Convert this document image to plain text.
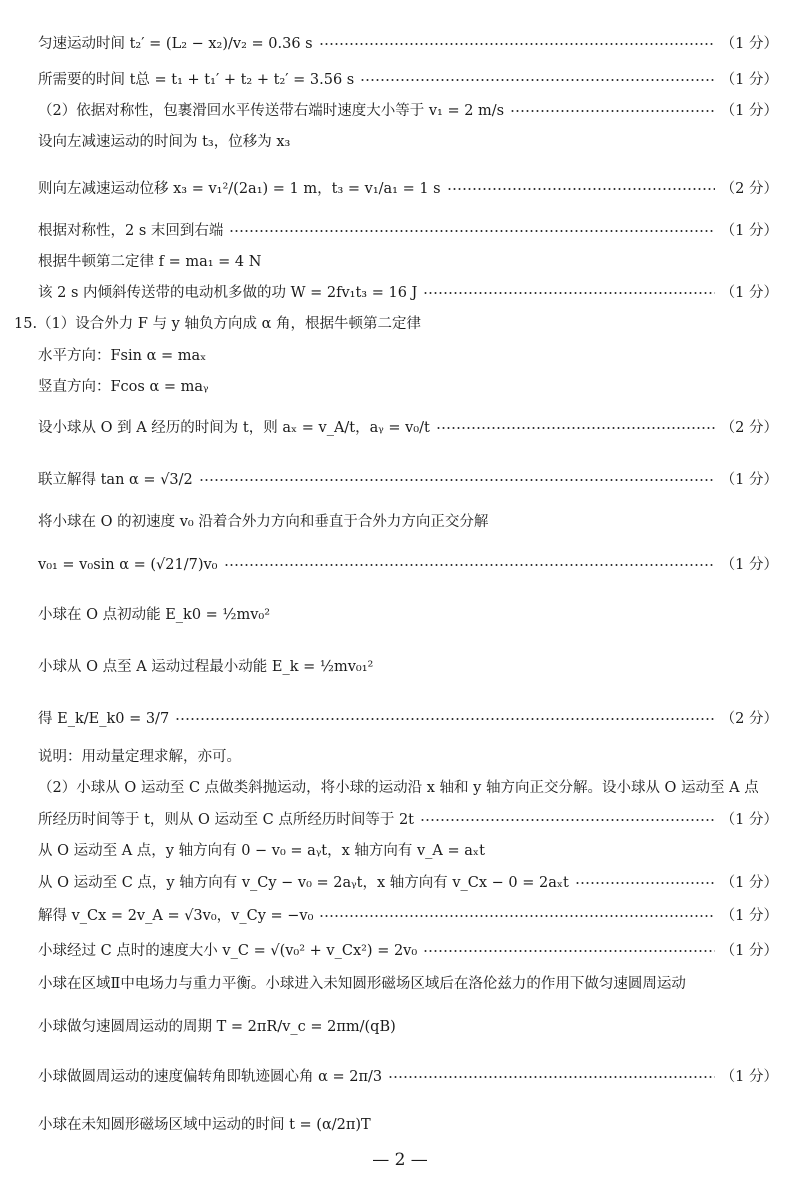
匀速运动时间 t₂′ = (L₂ − x₂)/v₂ = 0.36 s	（1 分）
所需要的时间 t总 = t₁ + t₁′ + t₂ + t₂′ = 3.56 s	（1 分）
（2）依据对称性，包裹滑回水平传送带右端时速度大小等于 v₁ = 2 m/s	（1 分）
设向左减速运动的时间为 t₃，位移为 x₃
则向左减速运动位移 x₃ = v₁²/(2a₁) = 1 m，t₃ = v₁/a₁ = 1 s	（2 分）
根据对称性，2 s 末回到右端	（1 分）
根据牛顿第二定律 f = ma₁ = 4 N
该 2 s 内倾斜传送带的电动机多做的功 W = 2fv₁t₃ = 16 J	（1 分）
15.（1）设合外力 F 与 y 轴负方向成 α 角，根据牛顿第二定律
水平方向：Fsin α = maₓ
竖直方向：Fcos α = maᵧ
设小球从 O 到 A 经历的时间为 t，则 aₓ = v_A/t，aᵧ = v₀/t	（2 分）
联立解得 tan α = √3/2	（1 分）
将小球在 O 的初速度 v₀ 沿着合外力方向和垂直于合外力方向正交分解
v₀₁ = v₀sin α = (√21/7)v₀	（1 分）
小球在 O 点初动能 E_k0 = ½mv₀²
小球从 O 点至 A 运动过程最小动能 E_k = ½mv₀₁²
得 E_k/E_k0 = 3/7	（2 分）
说明：用动量定理求解，亦可。
（2）小球从 O 运动至 C 点做类斜抛运动，将小球的运动沿 x 轴和 y 轴方向正交分解。设小球从 O 运动至 A 点
所经历时间等于 t，则从 O 运动至 C 点所经历时间等于 2t	（1 分）
从 O 运动至 A 点，y 轴方向有 0 − v₀ = aᵧt，x 轴方向有 v_A = aₓt
从 O 运动至 C 点，y 轴方向有 v_Cy − v₀ = 2aᵧt，x 轴方向有 v_Cx − 0 = 2aₓt	（1 分）
解得 v_Cx = 2v_A = √3v₀，v_Cy = −v₀	（1 分）
小球经过 C 点时的速度大小 v_C = √(v₀² + v_Cx²) = 2v₀	（1 分）
小球在区域Ⅱ中电场力与重力平衡。小球进入未知圆形磁场区域后在洛伦兹力的作用下做匀速圆周运动
小球做匀速圆周运动的周期 T = 2πR/v_c = 2πm/(qB)
小球做圆周运动的速度偏转角即轨迹圆心角 α = 2π/3	（1 分）
小球在未知圆形磁场区域中运动的时间 t = (α/2π)T
— 2 —
